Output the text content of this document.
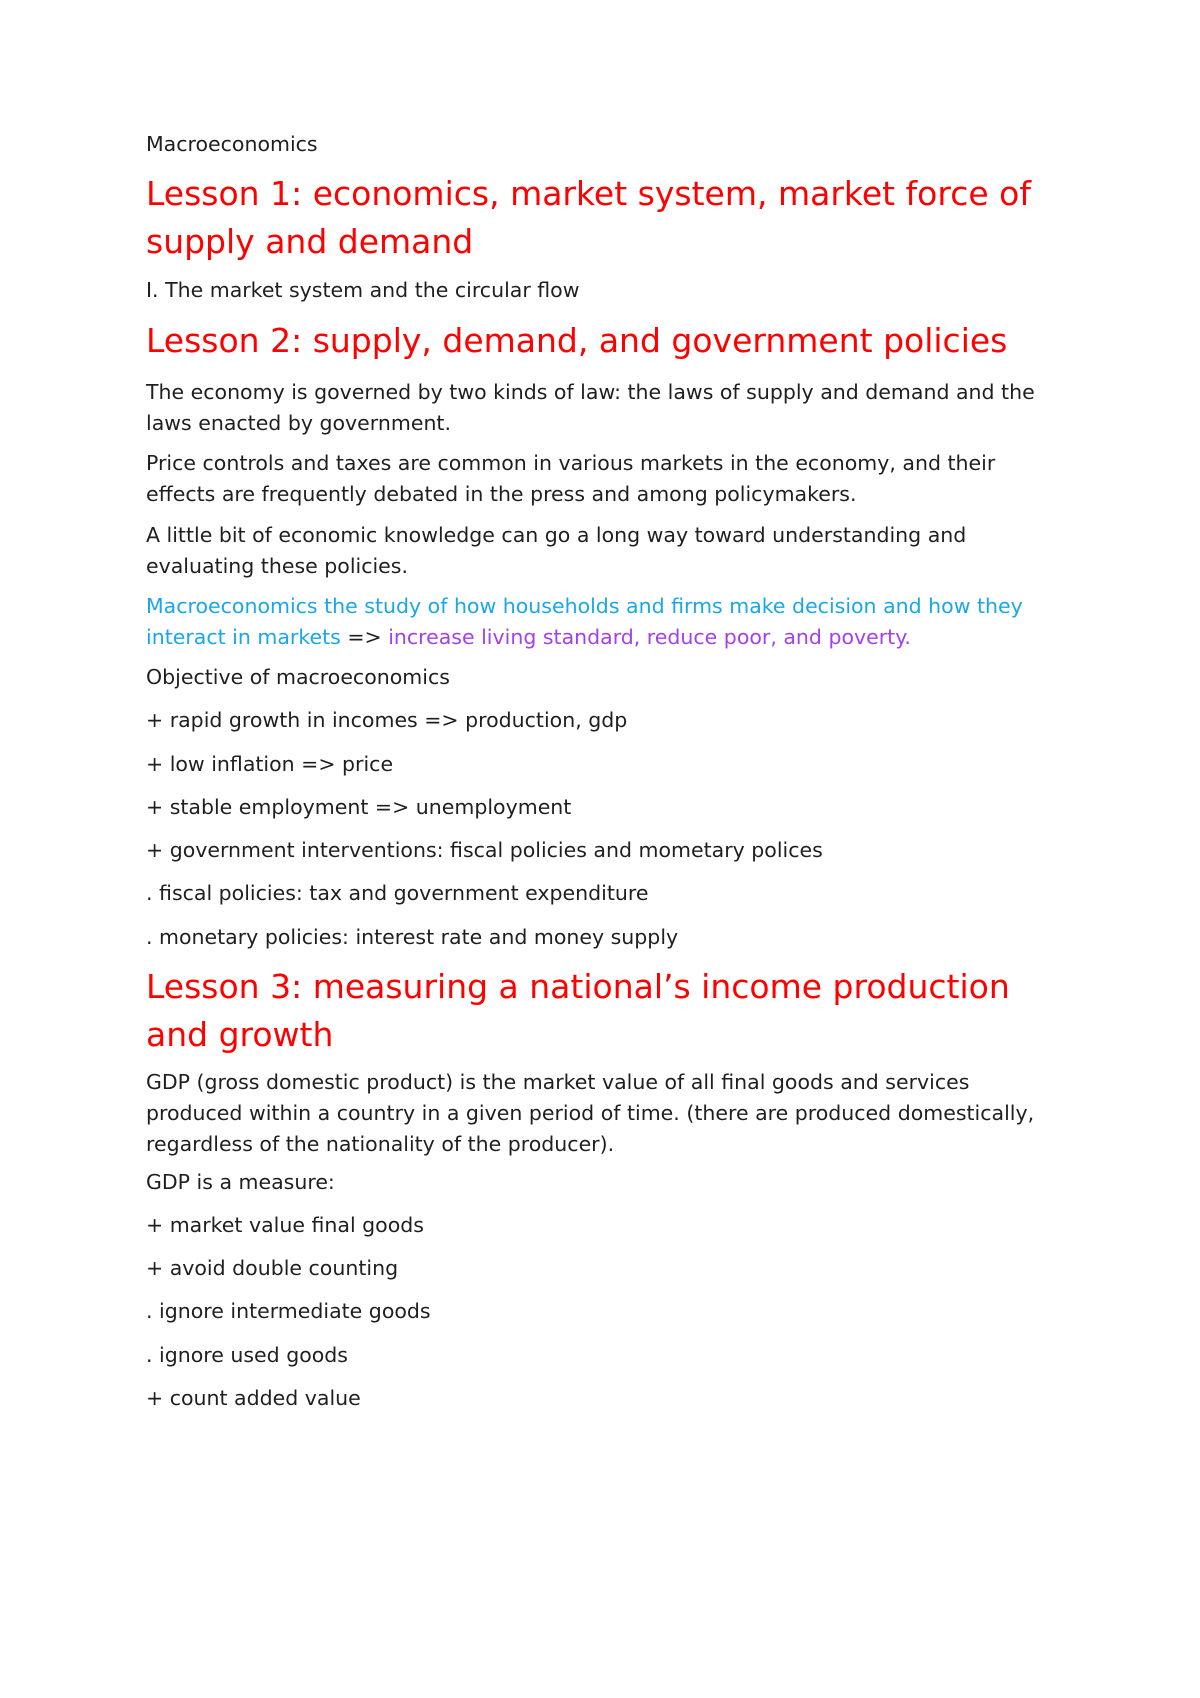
Macroeconomics

Lesson 1: economics, market system, market force of supply and demand

I. The market system and the circular flow

Lesson 2: supply, demand, and government policies

The economy is governed by two kinds of law: the laws of supply and demand and the laws enacted by government.

Price controls and taxes are common in various markets in the economy, and their effects are frequently debated in the press and among policymakers.

A little bit of economic knowledge can go a long way toward understanding and evaluating these policies.

Macroeconomics the study of how households and firms make decision and how they interact in markets => increase living standard, reduce poor, and poverty.

Objective of macroeconomics

+ rapid growth in incomes => production, gdp

+ low inflation => price

+ stable employment => unemployment

+ government interventions: fiscal policies and mometary polices

. fiscal policies: tax and government expenditure

. monetary policies: interest rate and money supply

Lesson 3: measuring a national’s income production and growth

GDP (gross domestic product) is the market value of all final goods and services produced within a country in a given period of time. (there are produced domestically, regardless of the nationality of the producer).

GDP is a measure:

+ market value final goods

+ avoid double counting

. ignore intermediate goods

. ignore used goods

+ count added value
